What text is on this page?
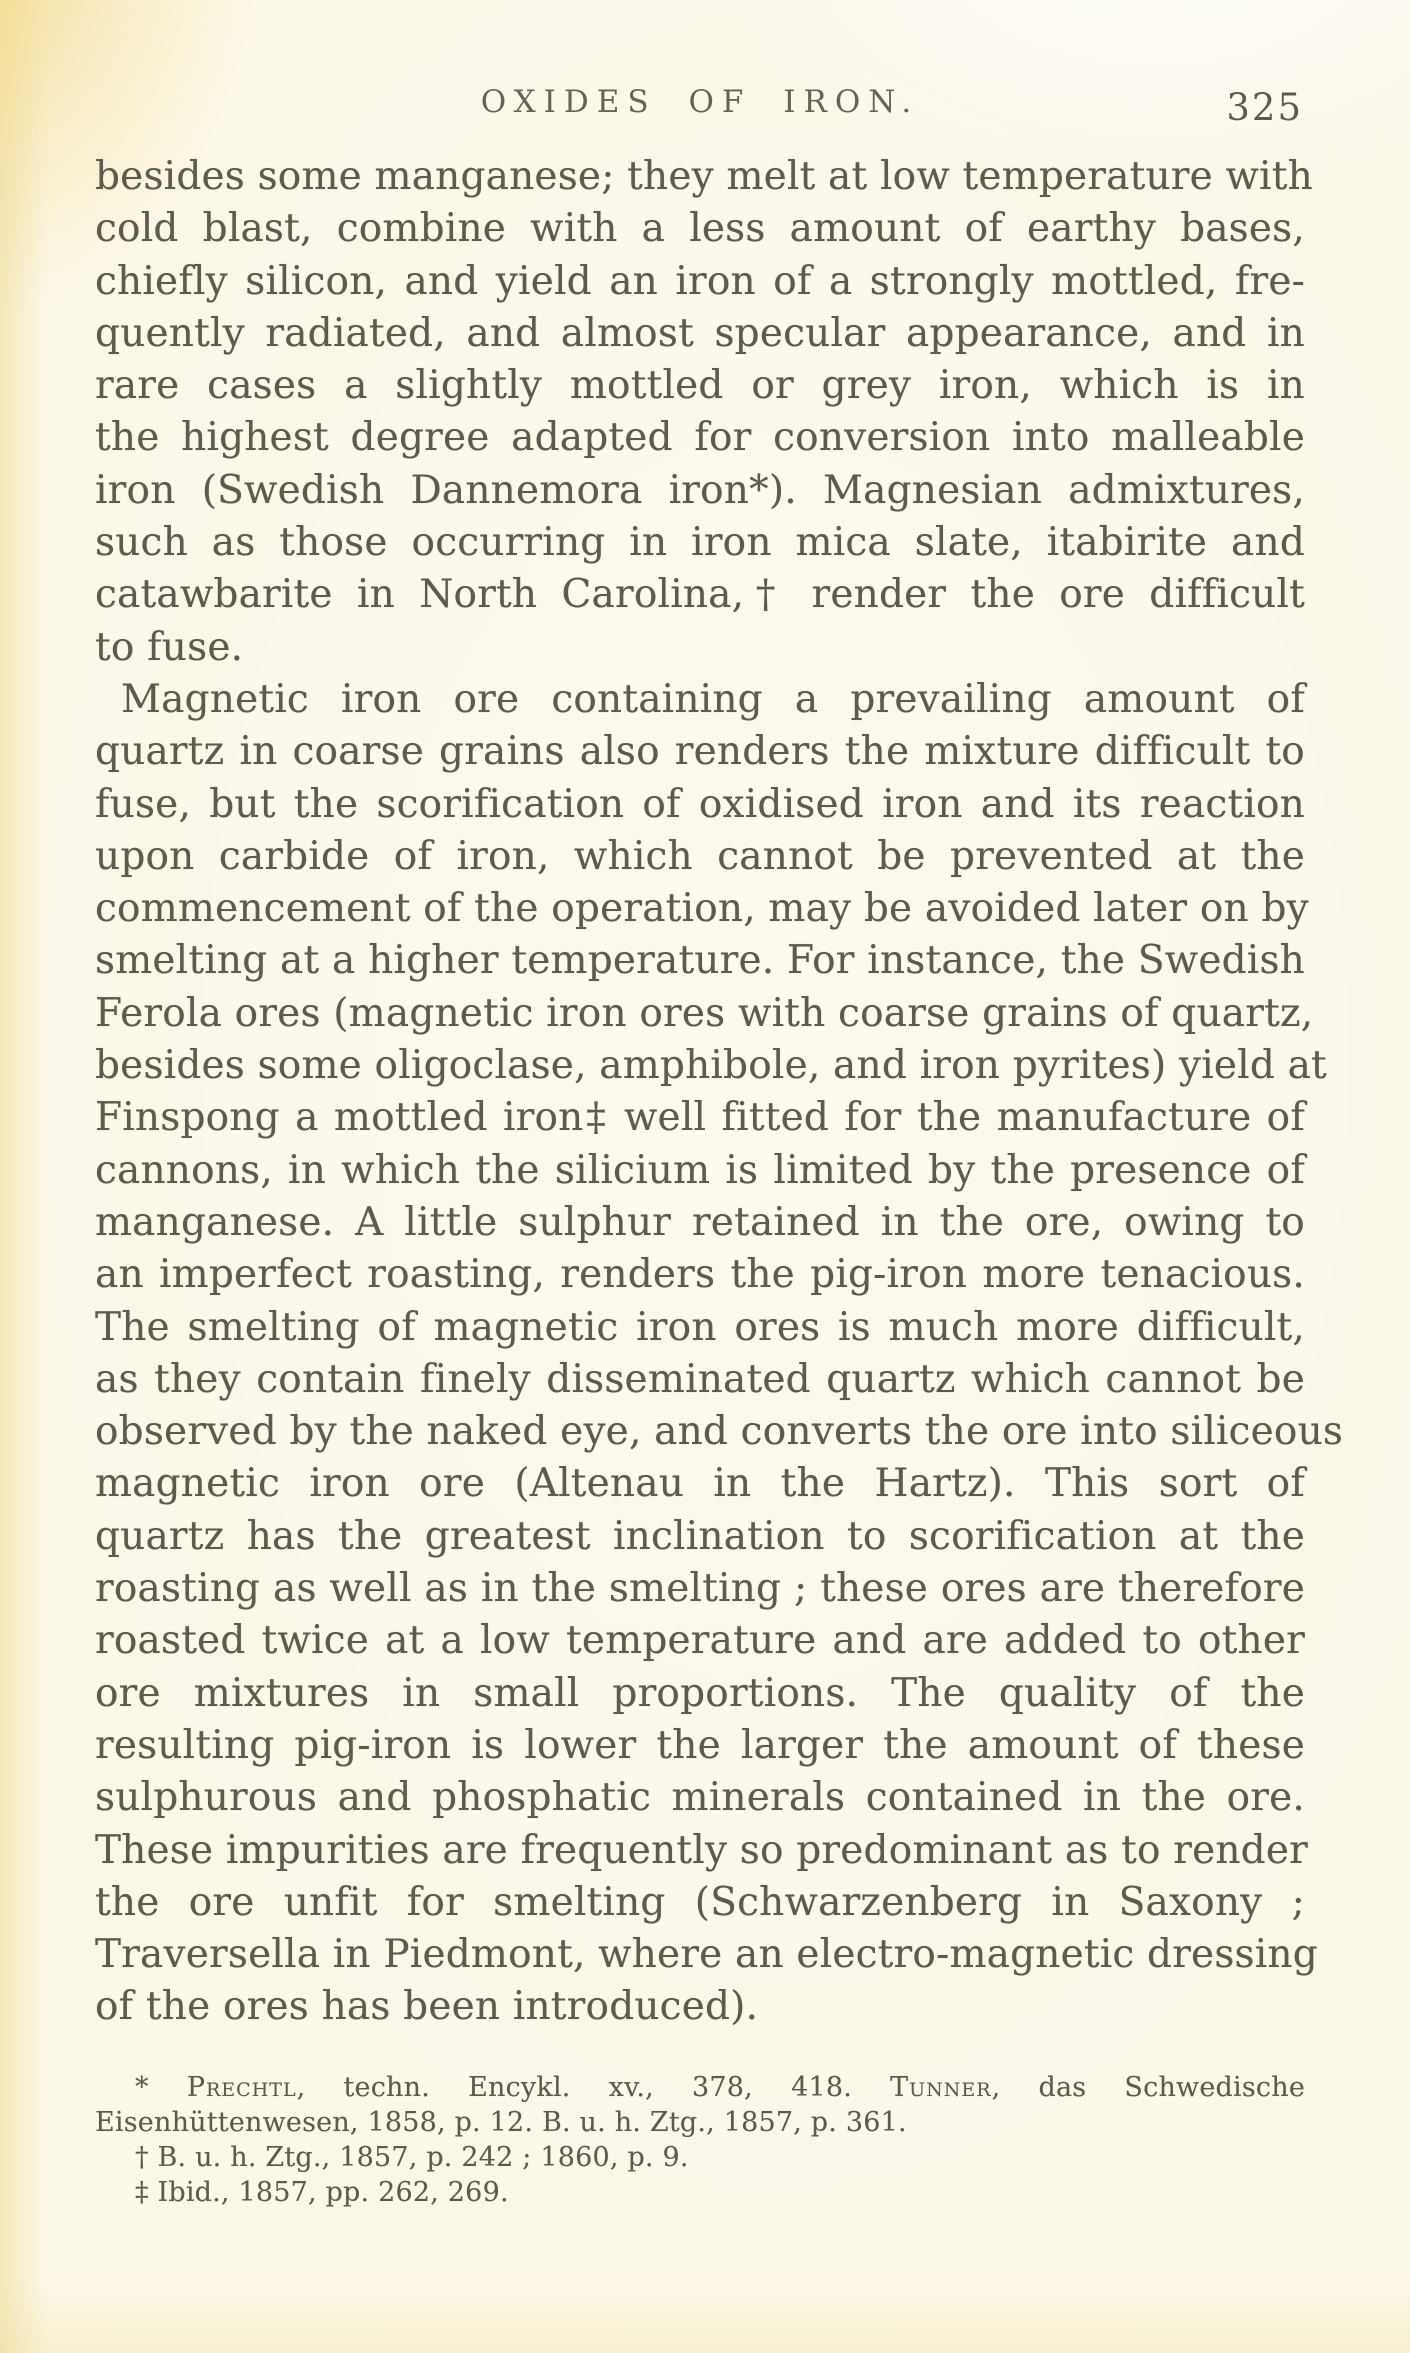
OXIDES OF IRON.	325
besides some manganese; they melt at low temperature with
cold blast, combine with a less amount of earthy bases,
chiefly silicon, and yield an iron of a strongly mottled, fre-
quently radiated, and almost specular appearance, and in
rare cases a slightly mottled or grey iron, which is in
the highest degree adapted for conversion into malleable
iron (Swedish Dannemora iron*). Magnesian admixtures,
such as those occurring in iron mica slate, itabirite and
catawbarite in North Carolina,† render the ore difficult
to fuse.
Magnetic iron ore containing a prevailing amount of
quartz in coarse grains also renders the mixture difficult to
fuse, but the scorification of oxidised iron and its reaction
upon carbide of iron, which cannot be prevented at the
commencement of the operation, may be avoided later on by
smelting at a higher temperature. For instance, the Swedish
Ferola ores (magnetic iron ores with coarse grains of quartz,
besides some oligoclase, amphibole, and iron pyrites) yield at
Finspong a mottled iron‡ well fitted for the manufacture of
cannons, in which the silicium is limited by the presence of
manganese. A little sulphur retained in the ore, owing to
an imperfect roasting, renders the pig-iron more tenacious.
The smelting of magnetic iron ores is much more difficult,
as they contain finely disseminated quartz which cannot be
observed by the naked eye, and converts the ore into siliceous
magnetic iron ore (Altenau in the Hartz). This sort of
quartz has the greatest inclination to scorification at the
roasting as well as in the smelting ; these ores are therefore
roasted twice at a low temperature and are added to other
ore mixtures in small proportions. The quality of the
resulting pig-iron is lower the larger the amount of these
sulphurous and phosphatic minerals contained in the ore.
These impurities are frequently so predominant as to render
the ore unfit for smelting (Schwarzenberg in Saxony ;
Traversella in Piedmont, where an electro-magnetic dressing
of the ores has been introduced).
* Prechtl, techn. Encykl. xv., 378, 418. Tunner, das Schwedische
Eisenhüttenwesen, 1858, p. 12. B. u. h. Ztg., 1857, p. 361.
† B. u. h. Ztg., 1857, p. 242 ; 1860, p. 9.
‡ Ibid., 1857, pp. 262, 269.
